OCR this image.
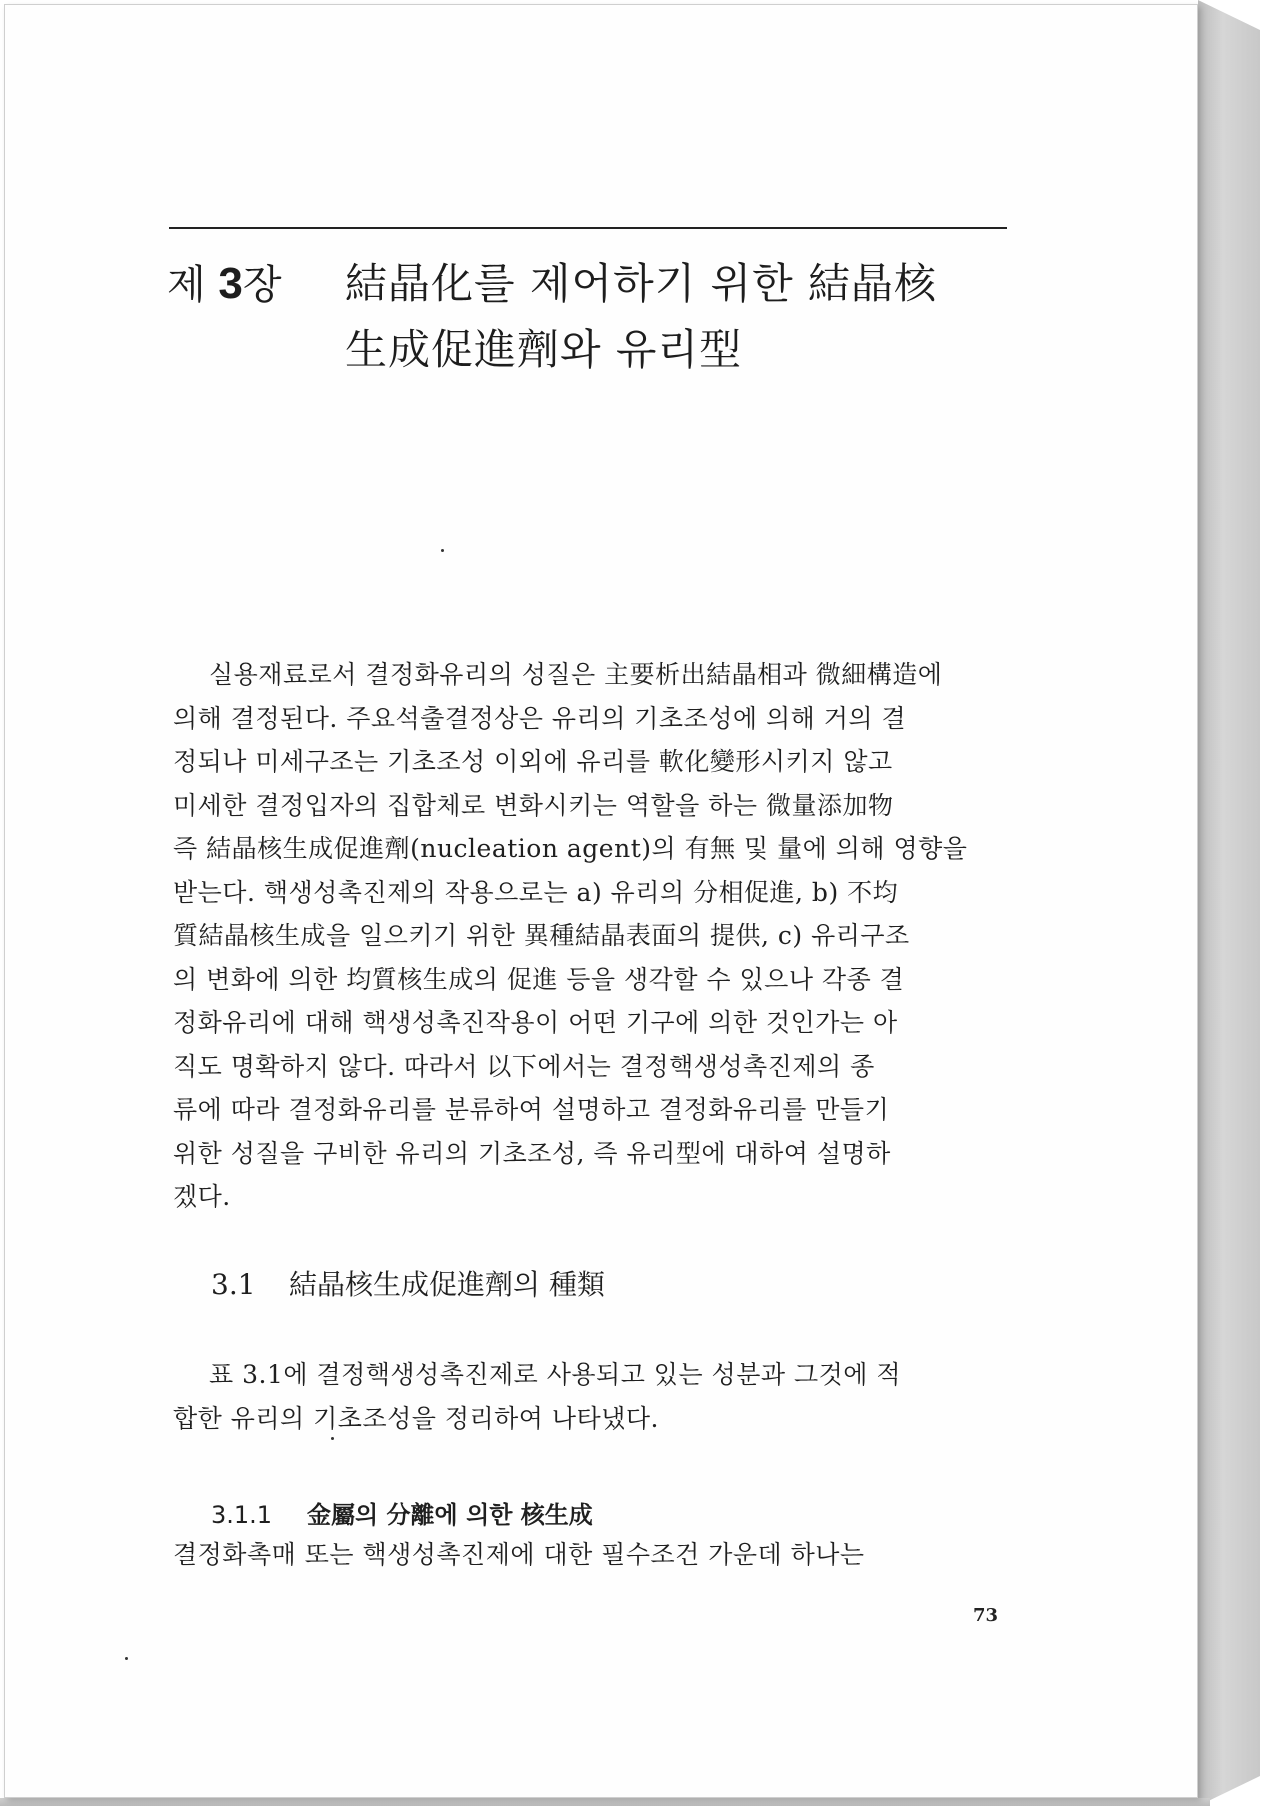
제 3장	結晶化를 제어하기 위한 結晶核
生成促進劑와 유리型
실용재료로서 결정화유리의 성질은 主要析出結晶相과 微細構造에
의해 결정된다. 주요석출결정상은 유리의 기초조성에 의해 거의 결
정되나 미세구조는 기초조성 이외에 유리를 軟化變形시키지 않고
미세한 결정입자의 집합체로 변화시키는 역할을 하는 微量添加物
즉 結晶核生成促進劑(nucleation agent)의 有無 및 量에 의해 영향을
받는다. 핵생성촉진제의 작용으로는 a) 유리의 分相促進, b) 不均
質結晶核生成을 일으키기 위한 異種結晶表面의 提供, c) 유리구조
의 변화에 의한 均質核生成의 促進 등을 생각할 수 있으나 각종 결
정화유리에 대해 핵생성촉진작용이 어떤 기구에 의한 것인가는 아
직도 명확하지 않다. 따라서 以下에서는 결정핵생성촉진제의 종
류에 따라 결정화유리를 분류하여 설명하고 결정화유리를 만들기
위한 성질을 구비한 유리의 기초조성, 즉 유리型에 대하여 설명하
겠다.
3.1 結晶核生成促進劑의 種類
표 3.1에 결정핵생성촉진제로 사용되고 있는 성분과 그것에 적
합한 유리의 기초조성을 정리하여 나타냈다.
3.1.1 金屬의 分離에 의한 核生成
결정화촉매 또는 핵생성촉진제에 대한 필수조건 가운데 하나는
73
